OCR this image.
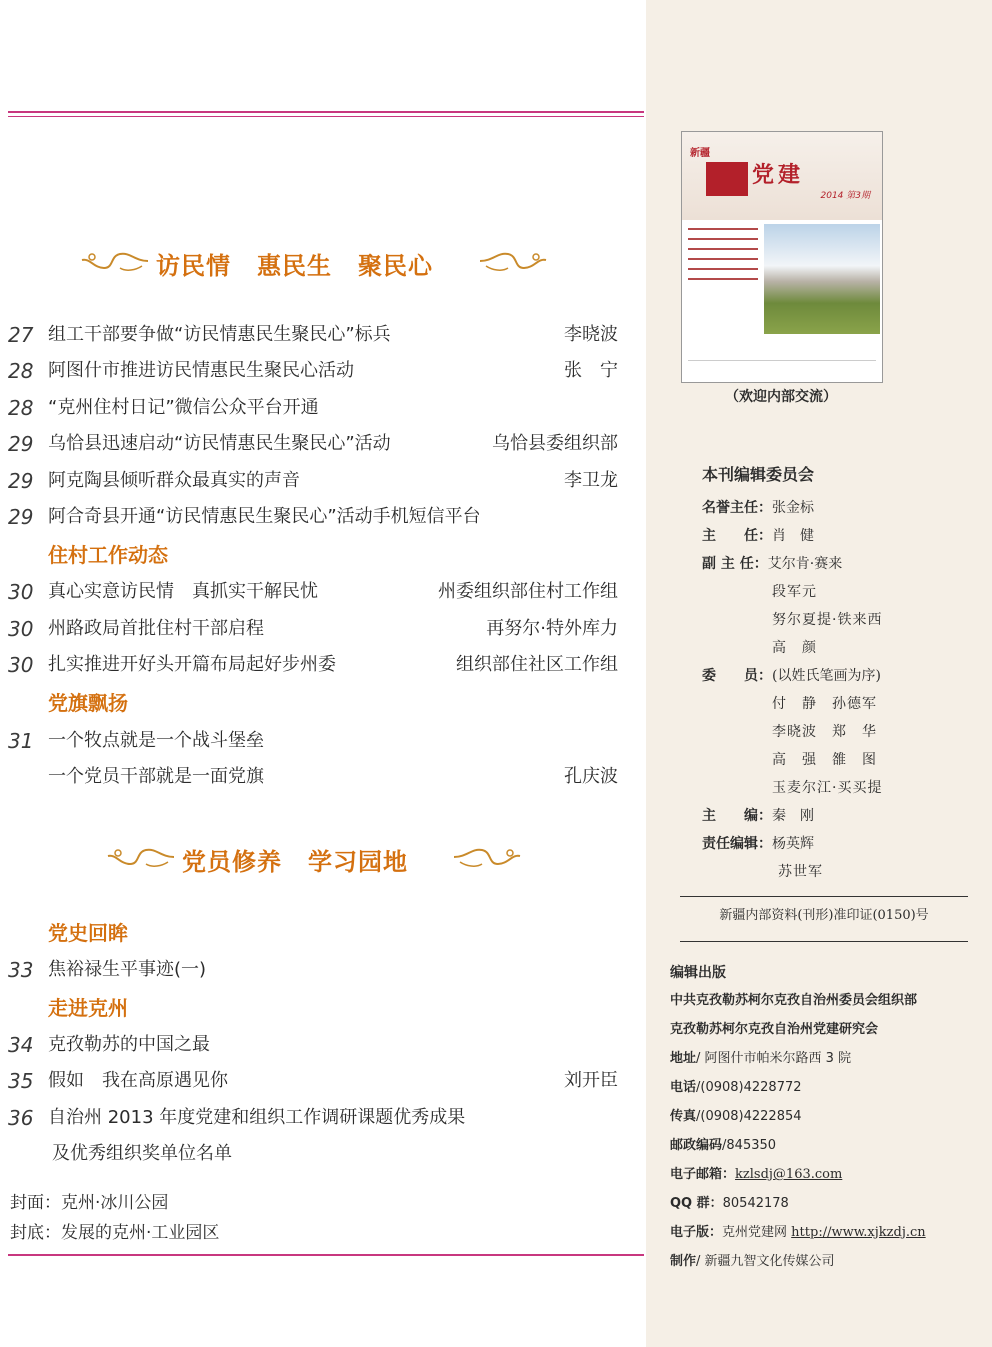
访民情 惠民生 聚民心
27 组工干部要争做“访民情惠民生聚民心”标兵	李晓波
28 阿图什市推进访民情惠民生聚民心活动	张　宁
28 “克州住村日记”微信公众平台开通
29 乌恰县迅速启动“访民情惠民生聚民心”活动	乌恰县委组织部
29 阿克陶县倾听群众最真实的声音	李卫龙
29 阿合奇县开通“访民情惠民生聚民心”活动手机短信平台
住村工作动态
30 真心实意访民情　真抓实干解民忧	州委组织部住村工作组
30 州路政局首批住村干部启程	再努尔·特外库力
30 扎实推进开好头开篇布局起好步州委	组织部住社区工作组
党旗飘扬
31 一个牧点就是一个战斗堡垒
一个党员干部就是一面党旗	孔庆波
党员修养 学习园地
党史回眸
33 焦裕禄生平事迹(一)
走进克州
34 克孜勒苏的中国之最
35 假如　我在高原遇见你	刘开臣
36 自治州 2013 年度党建和组织工作调研课题优秀成果
及优秀组织奖单位名单
封面：克州·冰川公园
封底：发展的克州·工业园区
新疆
党建
2014 第3期
（欢迎内部交流）
本刊编辑委员会
名誉主任：张金标
主　　任：肖　健
副 主 任：艾尔肯·赛来
段军元
努尔夏提·铁来西
高　颜
委　　员：(以姓氏笔画为序)
付　静　孙德军
李晓波　郑　华
高　强　雒　图
玉麦尔江·买买提
主　　编：秦　刚
责任编辑：杨英辉
苏世军
新疆内部资料(刊形)准印证(0150)号
编辑出版
中共克孜勒苏柯尔克孜自治州委员会组织部
克孜勒苏柯尔克孜自治州党建研究会
地址/ 阿图什市帕米尔路西 3 院
电话/(0908)4228772
传真/(0908)4222854
邮政编码/845350
电子邮箱：kzlsdj@163.com
QQ 群：80542178
电子版：克州党建网 http://www.xjkzdj.cn
制作/ 新疆九智文化传媒公司
